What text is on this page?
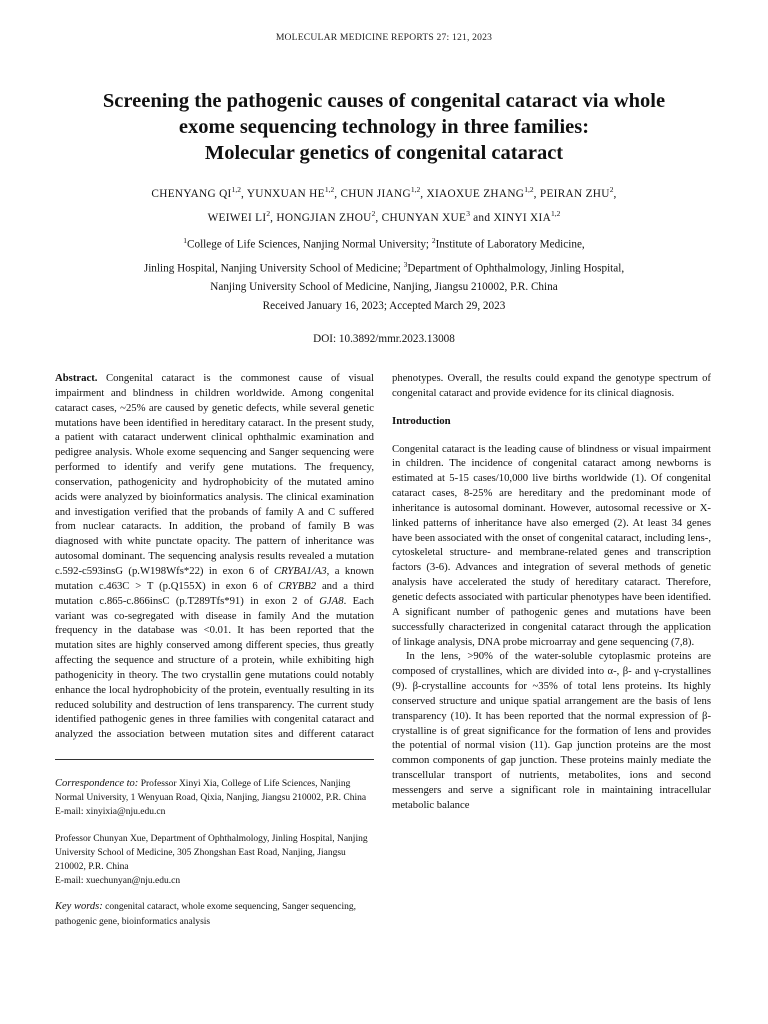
MOLECULAR MEDICINE REPORTS 27: 121, 2023
Screening the pathogenic causes of congenital cataract via whole
exome sequencing technology in three families:
Molecular genetics of congenital cataract
CHENYANG QI$^{1,2}$, YUNXUAN HE$^{1,2}$, CHUN JIANG$^{1,2}$, XIAOXUE ZHANG$^{1,2}$, PEIRAN ZHU$^2$,
WEIWEI $LI^2$, HONGJIAN ZHOU$^2$, CHUNYAN XUE$^3$ and XINYI XIA$^{1,2}$
$^1$College of Life Sciences, Nanjing Normal University; $^2$Institute of Laboratory Medicine,
Jinling Hospital, Nanjing University School of Medicine; $^3$Department of Ophthalmology, Jinling Hospital,
Nanjing University School of Medicine, Nanjing, Jiangsu 210002, P.R. China
Received January 16, 2023; Accepted March 29, 2023
DOI: 10.3892/mmr.2023.13008

Abstract. Congenital cataract is the commonest cause of visual impairment and blindness in children worldwide. Among congenital cataract cases, ~25% are caused by genetic defects, while several genetic mutations have been identified in hereditary cataract. In the present study, a patient with cataract underwent clinical ophthalmic examination and pedigree analysis. Whole exome sequencing and Sanger sequencing were performed to identify and verify gene mutations. The frequency, conservation, pathogenicity and hydrophobicity of the mutated amino acids were analyzed by bioinformatics analysis. The clinical examination and investigation verified that the probands of family A and C suffered from nuclear cataracts. In addition, the proband of family B was diagnosed with white punctate opacity. The pattern of inheritance was autosomal dominant. The sequencing analysis results revealed a mutation c.592-c593insG (p.W198Wfs*22) in exon 6 of CRYBA1/A3, a known mutation c.463C > T (p.Q155X) in exon 6 of CRYBB2 and a third mutation c.865-c.866insC (p.T289Tfs*91) in exon 2 of GJA8. Each variant was co-segregated with disease in family And the mutation frequency in the database was <0.01. It has been reported that the mutation sites are highly conserved among different species, thus greatly affecting the sequence and structure of a protein, while exhibiting high pathogenicity in theory. The two crystallin gene mutations could notably enhance the local hydrophobicity of the protein, eventually resulting in its reduced solubility and destruction of lens transparency. The current study identified pathogenic genes in three families with congenital cataract and analyzed the association between mutation sites and different cataract

Correspondence to: Professor Xinyi Xia, College of Life Sciences, Nanjing Normal University, 1 Wenyuan Road, Qixia, Nanjing, Jiangsu 210002, P.R. China
E-mail: xinyixia@nju.edu.cn

Professor Chunyan Xue, Department of Ophthalmology, Jinling Hospital, Nanjing University School of Medicine, 305 Zhongshan East Road, Nanjing, Jiangsu 210002, P.R. China
E-mail: xuechunyan@nju.edu.cn

Key words: congenital cataract, whole exome sequencing, Sanger sequencing, pathogenic gene, bioinformatics analysis

phenotypes. Overall, the results could expand the genotype spectrum of congenital cataract and provide evidence for its clinical diagnosis.

Introduction

Congenital cataract is the leading cause of blindness or visual impairment in children. The incidence of congenital cataract among newborns is estimated at 5-15 cases/10,000 live births worldwide (1). Of congenital cataract cases, 8-25% are hereditary and the predominant mode of inheritance is autosomal dominant. However, autosomal recessive or X-linked patterns of inheritance have also emerged (2). At least 34 genes have been associated with the onset of congenital cataract, including lens-, cytoskeletal structure- and membrane-related genes and transcription factors (3-6). Advances and integration of several methods of genetic analysis have accelerated the study of hereditary cataract. Therefore, genetic defects associated with particular phenotypes have been identified. A significant number of pathogenic genes and mutations have been successfully characterized in congenital cataract through the application of linkage analysis, DNA probe microarray and gene sequencing (7,8).

In the lens, >90% of the water-soluble cytoplasmic proteins are composed of crystallines, which are divided into α-, β- and γ-crystallines (9). β-crystalline accounts for ~35% of total lens proteins. Its highly conserved structure and unique spatial arrangement are the basis of lens transparency (10). It has been reported that the normal expression of β-crystalline is of great significance for the formation of lens and provides the potential of normal vision (11). Gap junction proteins are the most common components of gap junction. These proteins mainly mediate the transcellular transport of nutrients, metabolites, ions and second messengers and serve a significant role in maintaining intracellular metabolic balance
